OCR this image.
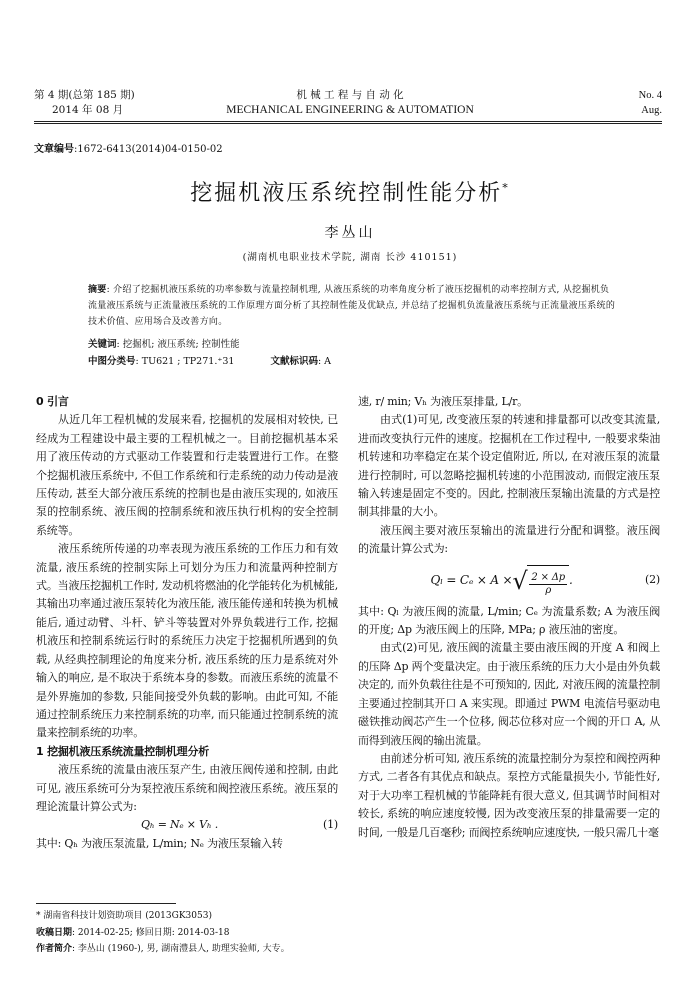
第 4 期(总第 185 期)
2014 年 08 月
机 械 工 程 与 自 动 化
MECHANICAL ENGINEERING & AUTOMATION
No. 4
Aug.
文章编号:1672-6413(2014)04-0150-02
挖掘机液压系统控制性能分析*
李丛山
(湖南机电职业技术学院, 湖南 长沙 410151)
摘要: 介绍了挖掘机液压系统的功率参数与流量控制机理, 从液压系统的功率角度分析了液压挖掘机的动率控制方式, 从挖掘机负流量液压系统与正流量液压系统的工作原理方面分析了其控制性能及优缺点, 并总结了挖掘机负流量液压系统与正流量液压系统的技术价值、应用场合及改善方向。
关键词: 挖掘机; 液压系统; 控制性能
中图分类号: TU621 ; TP271.⁺31	文献标识码: A

0 引言

从近几年工程机械的发展来看, 挖掘机的发展相对较快, 已经成为工程建设中最主要的工程机械之一。目前挖掘机基本采用了液压传动的方式驱动工作装置和行走装置进行工作。在整个挖掘机液压系统中, 不但工作系统和行走系统的动力传动是液压传动, 甚至大部分液压系统的控制也是由液压实现的, 如液压泵的控制系统、液压阀的控制系统和液压执行机构的安全控制系统等。

液压系统所传递的功率表现为液压系统的工作压力和有效流量, 液压系统的控制实际上可划分为压力和流量两种控制方式。当液压挖掘机工作时, 发动机将燃油的化学能转化为机械能, 其输出功率通过液压泵转化为液压能, 液压能传递和转换为机械能后, 通过动臂、斗杆、铲斗等装置对外界负载进行工作, 挖掘机液压和控制系统运行时的系统压力决定于挖掘机所遇到的负载, 从经典控制理论的角度来分析, 液压系统的压力是系统对外输入的响应, 是不取决于系统本身的参数。而液压系统的流量不是外界施加的参数, 只能间接受外负载的影响。由此可知, 不能通过控制系统压力来控制系统的功率, 而只能通过控制系统的流量来控制系统的功率。

1 挖掘机液压系统流量控制机理分析

液压系统的流量由液压泵产生, 由液压阀传递和控制, 由此可见, 液压系统可分为泵控液压系统和阀控液压系统。液压泵的理论流量计算公式为:

Qₕ = Nₑ × Vₕ .	(1)

其中: Qₕ 为液压泵流量, L/min; Nₑ 为液压泵输入转

速, r/ min; Vₕ 为液压泵排量, L/r。

由式(1)可见, 改变液压泵的转速和排量都可以改变其流量, 进而改变执行元件的速度。挖掘机在工作过程中, 一般要求柴油机转速和功率稳定在某个设定值附近, 所以, 在对液压泵的流量进行控制时, 可以忽略挖掘机转速的小范围波动, 而假定液压泵输入转速是固定不变的。因此, 控制液压泵输出流量的方式是控制其排量的大小。

液压阀主要对液压泵输出的流量进行分配和调整。液压阀的流量计算公式为:

Qₗ = Cₑ × A × √ $\frac{2 \times \Delta p}{\rho}$ .	(2)

其中: Qₗ 为液压阀的流量, L/min; Cₑ 为流量系数; A 为液压阀的开度; Δp 为液压阀上的压降, MPa; ρ 液压油的密度。

由式(2)可见, 液压阀的流量主要由液压阀的开度 A 和阀上的压降 Δp 两个变量决定。由于液压系统的压力大小是由外负载决定的, 而外负载往往是不可预知的, 因此, 对液压阀的流量控制主要通过控制其开口 A 来实现。即通过 PWM 电流信号驱动电磁铁推动阀芯产生一个位移, 阀芯位移对应一个阀的开口 A, 从而得到液压阀的输出流量。

由前述分析可知, 液压系统的流量控制分为泵控和阀控两种方式, 二者各有其优点和缺点。泵控方式能量损失小, 节能性好, 对于大功率工程机械的节能降耗有很大意义, 但其调节时间相对较长, 系统的响应速度较慢, 因为改变液压泵的排量需要一定的时间, 一般是几百毫秒; 而阀控系统响应速度快, 一般只需几十毫

* 湖南省科技计划资助项目 (2013GK3053)
收稿日期: 2014-02-25; 修回日期: 2014-03-18
作者简介: 李丛山 (1960-), 男, 湖南澧县人, 助理实验师, 大专。
